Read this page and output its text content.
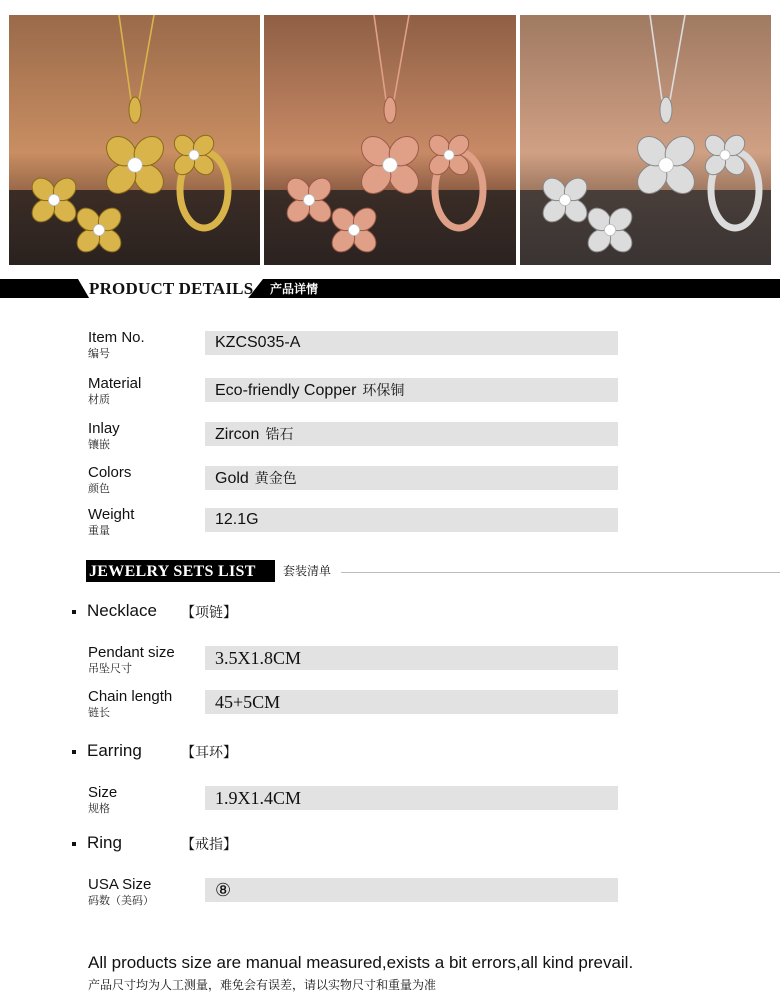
PRODUCT DETAILS 产品详情
Item No.
编号
KZCS035-A
Material
材质
Eco-friendly Copper 环保铜
Inlay
镶嵌
Zircon 锆石
Colors
颜色
Gold 黄金色
Weight
重量
12.1G
JEWELRY SETS LIST 套装清单
Necklace 【项链】
Pendant size
吊坠尺寸
3.5X1.8CM
Chain length
链长
45+5CM
Earring	【耳环】
Size
规格
1.9X1.4CM
Ring	【戒指】
USA Size
码数（美码）
⑧
All products size are manual measured,exists a bit errors,all kind prevail.
产品尺寸均为人工测量，难免会有误差，请以实物尺寸和重量为准
